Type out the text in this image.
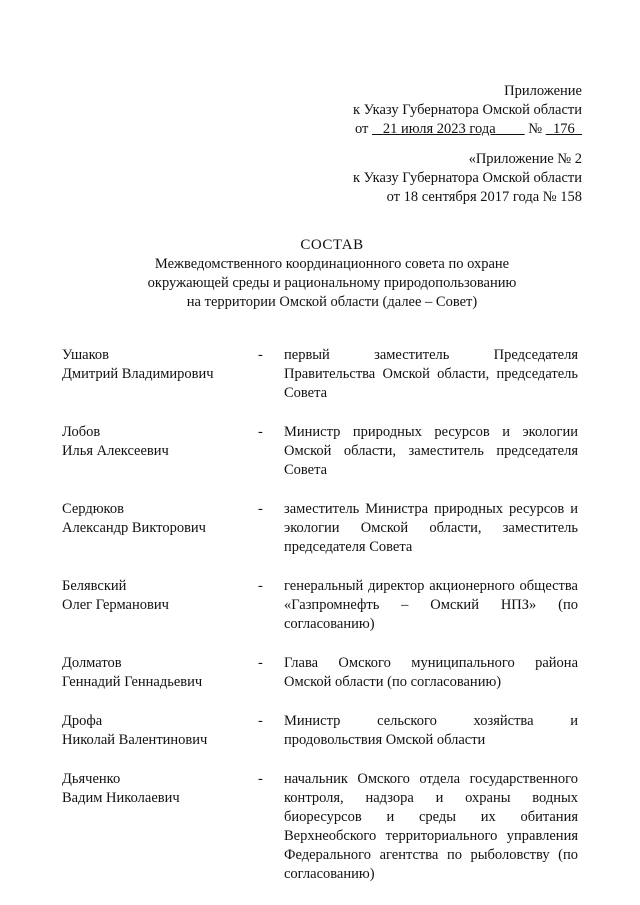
Приложение
к Указу Губернатора Омской области
от 21 июля 2023 года № 176
«Приложение № 2
к Указу Губернатора Омской области
от 18 сентября 2017 года № 158
СОСТАВ
Межведомственного координационного совета по охране
окружающей среды и рациональному природопользованию
на территории Омской области (далее – Совет)
Ушаков
Дмитрий Владимирович
-	первый заместитель Председателя Правительства Омской области, председатель Совета
Лобов
Илья Алексеевич
-	Министр природных ресурсов и экологии Омской области, заместитель председателя Совета
Сердюков
Александр Викторович
-	заместитель Министра природных ресурсов и экологии Омской области, заместитель председателя Совета
Белявский
Олег Германович
-	генеральный директор акционерного общества «Газпромнефть – Омский НПЗ» (по согласованию)
Долматов
Геннадий Геннадьевич
-	Глава Омского муниципального района Омской области (по согласованию)
Дрофа
Николай Валентинович
-	Министр сельского хозяйства и продовольствия Омской области
Дьяченко
Вадим Николаевич
-	начальник Омского отдела государственного контроля, надзора и охраны водных биоресурсов и среды их обитания Верхнеобского территориального управления Федерального агентства по рыболовству (по согласованию)
